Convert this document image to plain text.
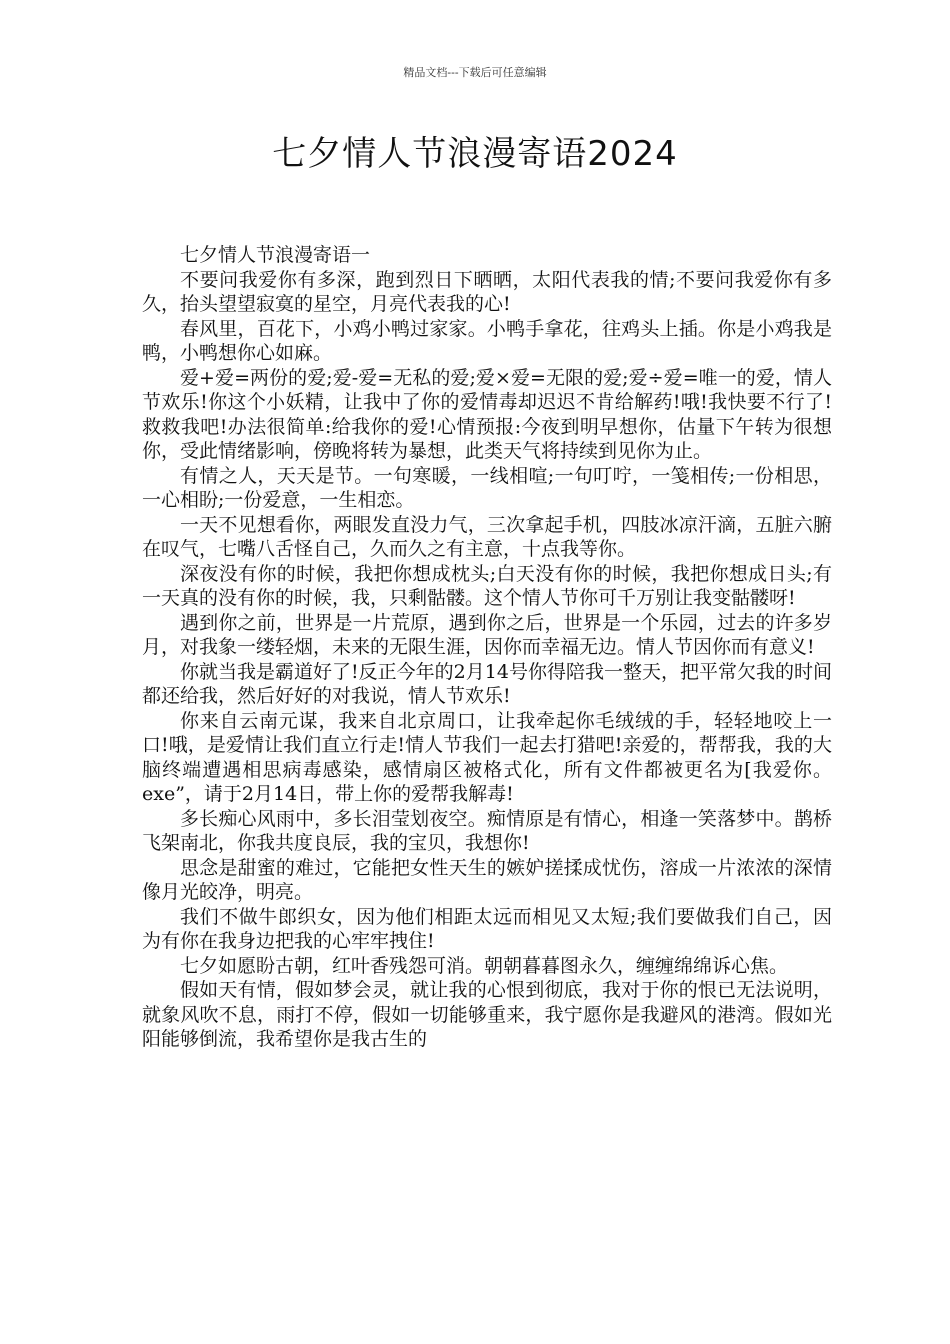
精品文档---下载后可任意编辑
七夕情人节浪漫寄语2024

七夕情人节浪漫寄语一

不要问我爱你有多深，跑到烈日下晒晒，太阳代表我的情;不要问我爱你有多久，抬头望望寂寞的星空，月亮代表我的心!

春风里，百花下，小鸡小鸭过家家。小鸭手拿花，往鸡头上插。你是小鸡我是鸭，小鸭想你心如麻。

爱+爱=两份的爱;爱-爱=无私的爱;爱×爱=无限的爱;爱÷爱=唯一的爱，情人节欢乐!你这个小妖精，让我中了你的爱情毒却迟迟不肯给解药!哦!我快要不行了!救救我吧!办法很简单:给我你的爱!心情预报:今夜到明早想你，估量下午转为很想你，受此情绪影响，傍晚将转为暴想，此类天气将持续到见你为止。

有情之人，天天是节。一句寒暖，一线相喧;一句叮咛，一笺相传;一份相思，一心相盼;一份爱意，一生相恋。

一天不见想看你，两眼发直没力气，三次拿起手机，四肢冰凉汗滴，五脏六腑在叹气，七嘴八舌怪自己，久而久之有主意，十点我等你。

深夜没有你的时候，我把你想成枕头;白天没有你的时候，我把你想成日头;有一天真的没有你的时候，我，只剩骷髅。这个情人节你可千万别让我变骷髅呀!

遇到你之前，世界是一片荒原，遇到你之后，世界是一个乐园，过去的许多岁月，对我象一缕轻烟，未来的无限生涯，因你而幸福无边。情人节因你而有意义!

你就当我是霸道好了!反正今年的2月14号你得陪我一整天，把平常欠我的时间都还给我，然后好好的对我说，情人节欢乐!

你来自云南元谋，我来自北京周口，让我牵起你毛绒绒的手，轻轻地咬上一口!哦，是爱情让我们直立行走!情人节我们一起去打猎吧!亲爱的，帮帮我，我的大脑终端遭遇相思病毒感染，感情扇区被格式化，所有文件都被更名为[我爱你。exe”，请于2月14日，带上你的爱帮我解毒!

多长痴心风雨中，多长泪莹划夜空。痴情原是有情心，相逢一笑落梦中。鹊桥飞架南北，你我共度良辰，我的宝贝，我想你!

思念是甜蜜的难过，它能把女性天生的嫉妒搓揉成忧伤，溶成一片浓浓的深情像月光皎净，明亮。

我们不做牛郎织女，因为他们相距太远而相见又太短;我们要做我们自己，因为有你在我身边把我的心牢牢拽住!

七夕如愿盼古朝，红叶香残怨可消。朝朝暮暮图永久，缠缠绵绵诉心焦。

假如天有情，假如梦会灵，就让我的心恨到彻底，我对于你的恨已无法说明，就象风吹不息，雨打不停，假如一切能够重来，我宁愿你是我避风的港湾。假如光阳能够倒流，我希望你是我古生的
